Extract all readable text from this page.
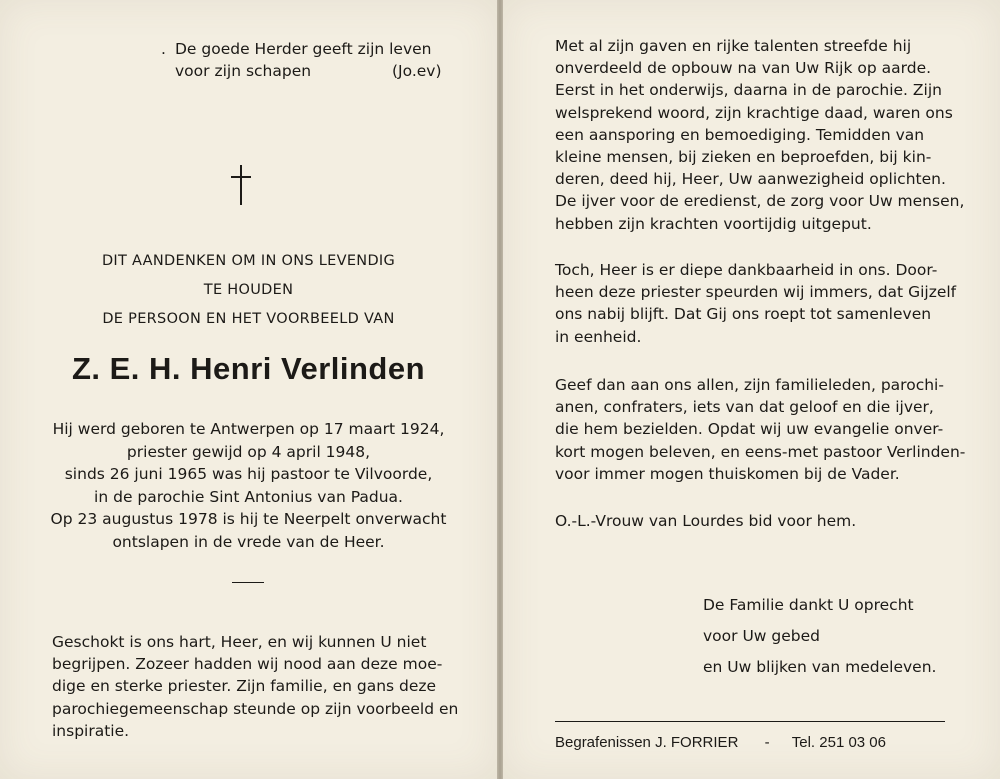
. De goede Herder geeft zijn leven
voor zijn schapen	(Jo.ev)
DIT AANDENKEN OM IN ONS LEVENDIG
TE HOUDEN
DE PERSOON EN HET VOORBEELD VAN
Z. E. H. Henri Verlinden
Hij werd geboren te Antwerpen op 17 maart 1924,
priester gewijd op 4 april 1948,
sinds 26 juni 1965 was hij pastoor te Vilvoorde,
in de parochie Sint Antonius van Padua.
Op 23 augustus 1978 is hij te Neerpelt onverwacht
ontslapen in de vrede van de Heer.
Geschokt is ons hart, Heer, en wij kunnen U niet
begrijpen. Zozeer hadden wij nood aan deze moe-
dige en sterke priester. Zijn familie, en gans deze
parochiegemeenschap steunde op zijn voorbeeld en
inspiratie.
Met al zijn gaven en rijke talenten streefde hij
onverdeeld de opbouw na van Uw Rijk op aarde.
Eerst in het onderwijs, daarna in de parochie. Zijn
welsprekend woord, zijn krachtige daad, waren ons
een aansporing en bemoediging. Temidden van
kleine mensen, bij zieken en beproefden, bij kin-
deren, deed hij, Heer, Uw aanwezigheid oplichten.
De ijver voor de eredienst, de zorg voor Uw mensen,
hebben zijn krachten voortijdig uitgeput.
Toch, Heer is er diepe dankbaarheid in ons. Door-
heen deze priester speurden wij immers, dat Gijzelf
ons nabij blijft. Dat Gij ons roept tot samenleven
in eenheid.
Geef dan aan ons allen, zijn familieleden, parochi-
anen, confraters, iets van dat geloof en die ijver,
die hem bezielden. Opdat wij uw evangelie onver-
kort mogen beleven, en eens-met pastoor Verlinden-
voor immer mogen thuiskomen bij de Vader.
O.-L.-Vrouw van Lourdes bid voor hem.
De Familie dankt U oprecht
voor Uw gebed
en Uw blijken van medeleven.
Begrafenissen J. FORRIER - Tel. 251 03 06
